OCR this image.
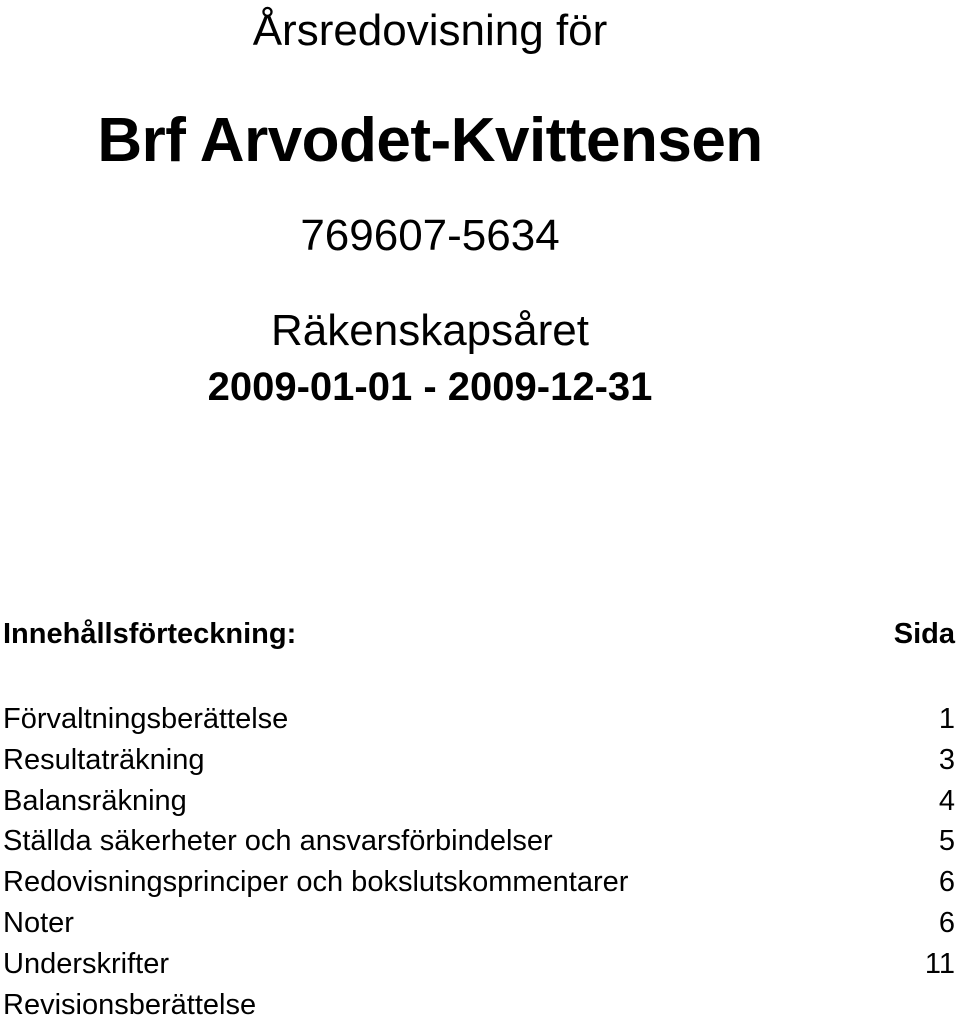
Årsredovisning för
Brf Arvodet-Kvittensen
769607-5634
Räkenskapsåret
2009-01-01 - 2009-12-31
Innehållsförteckning:	Sida
Förvaltningsberättelse	1
Resultaträkning	3
Balansräkning	4
Ställda säkerheter och ansvarsförbindelser	5
Redovisningsprinciper och bokslutskommentarer	6
Noter	6
Underskrifter	11
Revisionsberättelse
